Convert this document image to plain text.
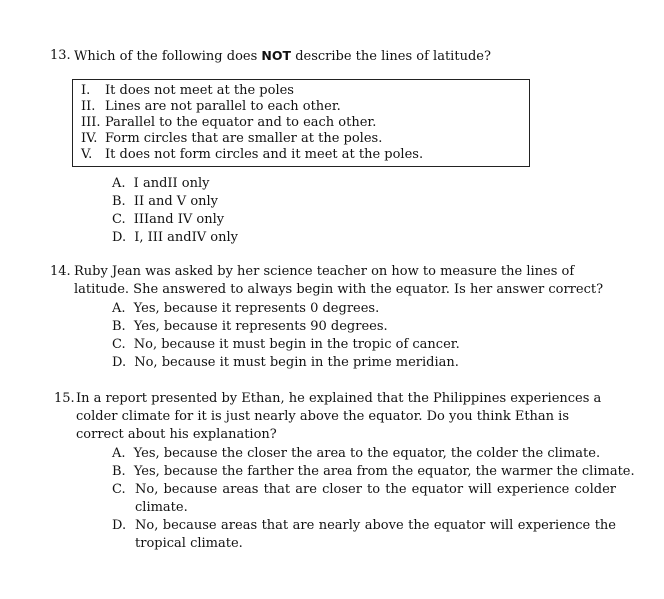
13. Which of the following does NOT describe the lines of latitude?
I. It does not meet at the poles
II. Lines are not parallel to each other.
III. Parallel to the equator and to each other.
IV. Form circles that are smaller at the poles.
V. It does not form circles and it meet at the poles.
A. I andII only
B. II and V only
C. IIIand IV only
D. I, III andIV only
14. Ruby Jean was asked by her science teacher on how to measure the lines of
latitude. She answered to always begin with the equator. Is her answer correct?
A. Yes, because it represents 0 degrees.
B. Yes, because it represents 90 degrees.
C. No, because it must begin in the tropic of cancer.
D. No, because it must begin in the prime meridian.
15. In a report presented by Ethan, he explained that the Philippines experiences a
colder climate for it is just nearly above the equator. Do you think Ethan is
correct about his explanation?
A. Yes, because the closer the area to the equator, the colder the climate.
B. Yes, because the farther the area from the equator, the warmer the climate.
C. No, because areas that are closer to the equator will experience colder
climate.
D. No, because areas that are nearly above the equator will experience the
tropical climate.
